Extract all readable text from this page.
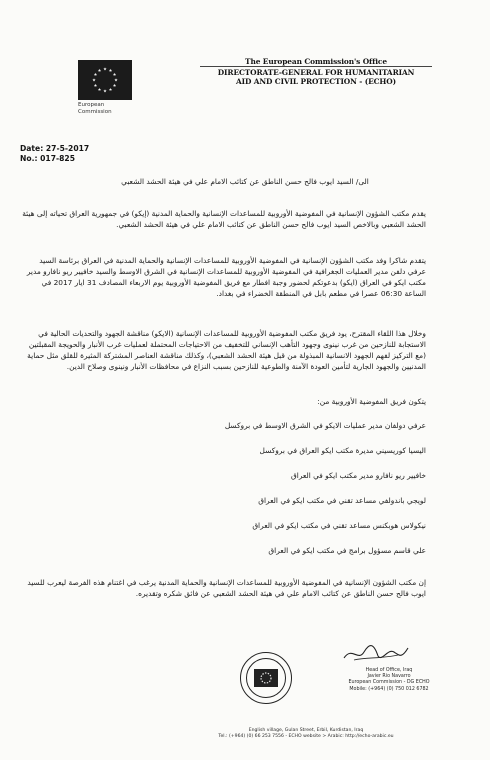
European
Commission
The European Commission's Office
DIRECTORATE-GENERAL FOR HUMANITARIAN
AID AND CIVIL PROTECTION - (ECHO)
Date: 27-5-2017
No.: 017-825
الى/ السيد ايوب فالح حسن الناطق عن كتائب الامام علي في هيئة الحشد الشعبي
يقدم مكتب الشؤون الإنسانية في المفوضية الأوروبية للمساعدات الإنسانية والحماية المدنية (إيكو) في جمهورية العراق تحياته إلى هيئة الحشد الشعبي وبالاخص السيد ايوب فالح حسن الناطق عن كتائب الامام علي في هيئة الحشد الشعبي.
يتقدم شاكرا وفد مكتب الشؤون الإنسانية في المفوضية الأوروبية للمساعدات الإنسانية والحماية المدنية في العراق برئاسة السيد عرفي دلفن مدير العمليات الجغرافية في المفوضية الأوروبية للمساعدات الإنسانية في الشرق الاوسط والسيد خافيير ريو نافارو مدير مكتب ايكو في العراق (ايكو) بدعوتكم لحضور وجبة افطار مع فريق المفوضية الأوروبية يوم الاربعاء المصادف 31 ايار 2017 في الساعة 06:30 عصرا في مطعم بابل في المنطقة الخضراء في بغداد.
وخلال هذا اللقاء المقترح، يود فريق مكتب المفوضية الأوروبية للمساعدات الإنسانية (الايكو) مناقشة الجهود والتحديات الحالية في الاستجابة للنازحين من غرب نينوى وجهود التأهب الإنساني للتخفيف من الاحتياجات المحتملة لعمليات غرب الأنبار والحويجة المقبلتين (مع التركيز لفهم الجهود الانسانية المبذولة من قبل هيئة الحشد الشعبي)، وكذلك مناقشة العناصر المشتركة المثيرة للقلق مثل حماية المدنيين والجهود الجارية لتأمين العودة الآمنة والطوعية للنازحين بسبب النزاع في محافظات الأنبار ونينوى وصلاح الدين.
يتكون فريق المفوضية الأوروبية من:
عرفي دولفان مدير عمليات الايكو في الشرق الاوسط في بروكسل
اليسيا كوريسيني مديرة مكتب ايكو العراق في بروكسل
خافيير ريو نافارو مدير مكتب ايكو في العراق
لويجي باندولفي مساعد تقني في مكتب ايكو في العراق
نيكولاس هوبكنس مساعد تقني في مكتب ايكو في العراق
علي قاسم مسؤول برامج في مكتب ايكو في العراق
إن مكتب الشؤون الإنسانية في المفوضية الأوروبية للمساعدات الإنسانية والحماية المدنية يرغب في اغتنام هذه الفرصة ليعرب للسيد ايوب فالح حسن الناطق عن كتائب الامام علي في هيئة الحشد الشعبي عن فائق شكره وتقديره.
Head of Office, Iraq
Javier Rio Navarro
European Commission - DG ECHO
Mobile: (+964) (0) 750 012 6782
English village, Gulan Street, Erbil, Kurdistan, Iraq
Tel.: (+964) (0) 66 253 7556 - ECHO website > Arabic: http://echo-arabic.eu
